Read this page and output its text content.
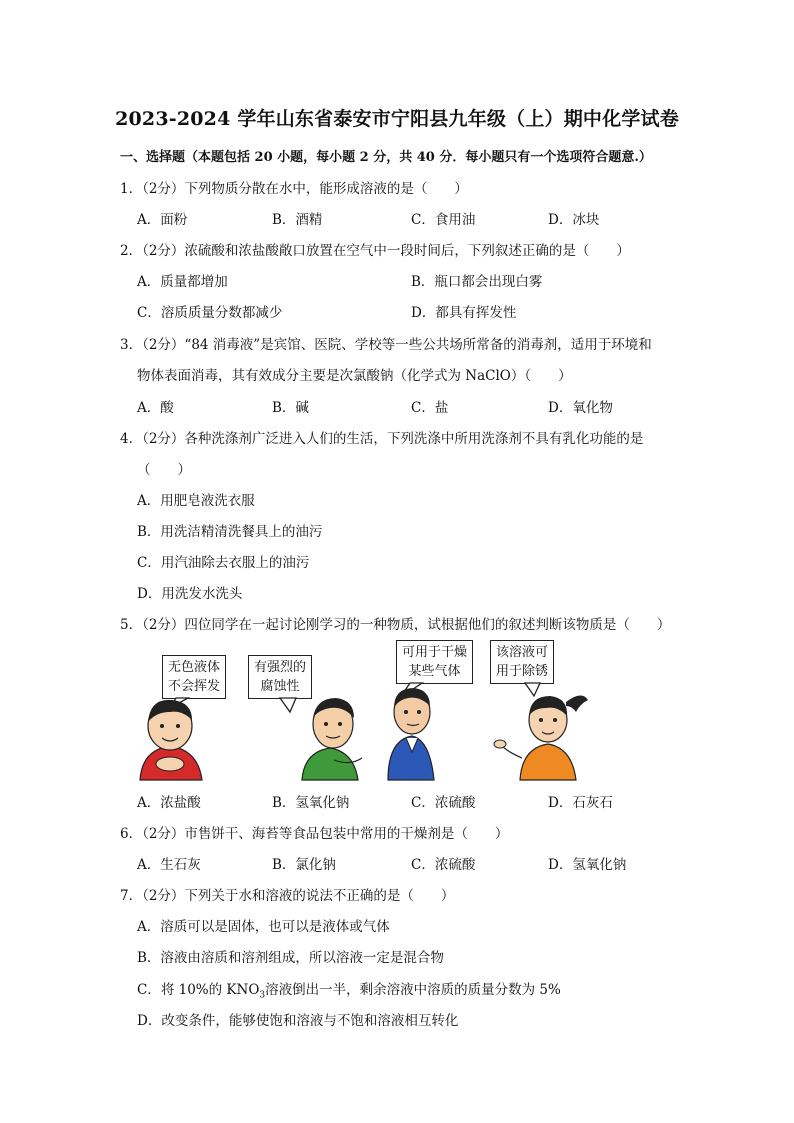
2023-2024 学年山东省泰安市宁阳县九年级（上）期中化学试卷
一、选择题（本题包括 20 小题，每小题 2 分，共 40 分．每小题只有一个选项符合题意.）
1．（2分）下列物质分散在水中，能形成溶液的是（　　）
A．面粉	B．酒精	C．食用油	D．冰块
2．（2分）浓硫酸和浓盐酸敞口放置在空气中一段时间后，下列叙述正确的是（　　）
A．质量都增加	B．瓶口都会出现白雾
C．溶质质量分数都减少	D．都具有挥发性
3．（2分）“84 消毒液”是宾馆、医院、学校等一些公共场所常备的消毒剂，适用于环境和
物体表面消毒，其有效成分主要是次氯酸钠（化学式为 NaClO）（　　）
A．酸	B．碱	C．盐	D．氧化物
4．（2分）各种洗涤剂广泛进入人们的生活，下列洗涤中所用洗涤剂不具有乳化功能的是
（　　）
A．用肥皂液洗衣服
B．用洗洁精清洗餐具上的油污
C．用汽油除去衣服上的油污
D．用洗发水洗头
5．（2分）四位同学在一起讨论刚学习的一种物质，试根据他们的叙述判断该物质是（　　）
无色液体
不会挥发
有强烈的
腐蚀性
可用于干燥
某些气体
该溶液可
用于除锈
A．浓盐酸	B．氢氧化钠	C．浓硫酸	D．石灰石
6．（2分）市售饼干、海苔等食品包装中常用的干燥剂是（　　）
A．生石灰	B．氯化钠	C．浓硫酸	D．氢氧化钠
7．（2分）下列关于水和溶液的说法不正确的是（　　）
A．溶质可以是固体，也可以是液体或气体
B．溶液由溶质和溶剂组成，所以溶液一定是混合物
C．将 10%的 $KNO_3$溶液倒出一半，剩余溶液中溶质的质量分数为 5%
D．改变条件，能够使饱和溶液与不饱和溶液相互转化
